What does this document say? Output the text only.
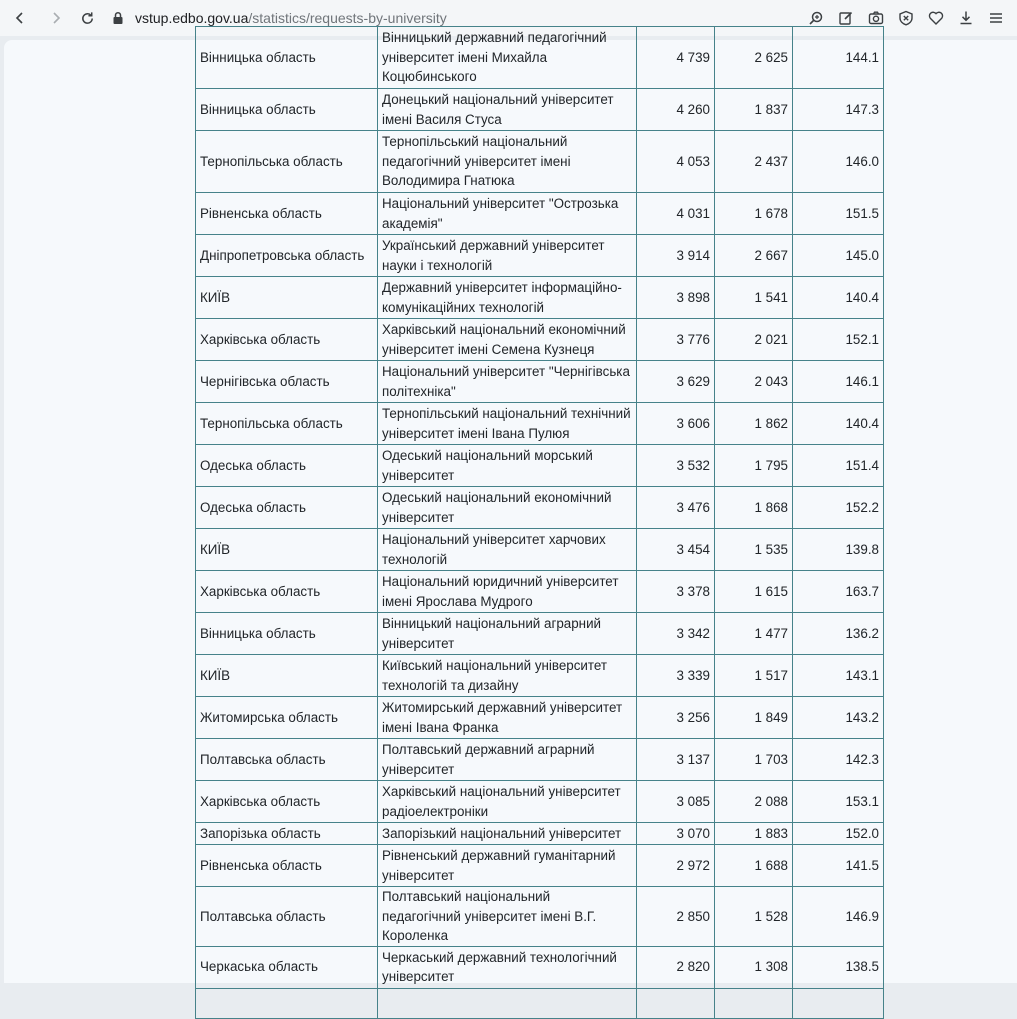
vstup.edbo.gov.ua /statistics/requests-by-university
Вінницька область	Вінницький державний педагогічний університет імені Михайла Коцюбинського	4 739	2 625	144.1
Вінницька область	Донецький національний університет імені Василя Стуса	4 260	1 837	147.3
Тернопільська область	Тернопільський національний педагогічний університет імені Володимира Гнатюка	4 053	2 437	146.0
Рівненська область	Національний університет "Острозька академія"	4 031	1 678	151.5
Дніпропетровська область	Український державний університет науки і технологій	3 914	2 667	145.0
КИЇВ	Державний університет інформаційно-комунікаційних технологій	3 898	1 541	140.4
Харківська область	Харківський національний економічний університет імені Семена Кузнеця	3 776	2 021	152.1
Чернігівська область	Національний університет "Чернігівська політехніка"	3 629	2 043	146.1
Тернопільська область	Тернопільський національний технічний університет імені Івана Пулюя	3 606	1 862	140.4
Одеська область	Одеський національний морський університет	3 532	1 795	151.4
Одеська область	Одеський національний економічний університет	3 476	1 868	152.2
КИЇВ	Національний університет харчових технологій	3 454	1 535	139.8
Харківська область	Національний юридичний університет імені Ярослава Мудрого	3 378	1 615	163.7
Вінницька область	Вінницький національний аграрний університет	3 342	1 477	136.2
КИЇВ	Київський національний університет технологій та дизайну	3 339	1 517	143.1
Житомирська область	Житомирський державний університет імені Івана Франка	3 256	1 849	143.2
Полтавська область	Полтавський державний аграрний університет	3 137	1 703	142.3
Харківська область	Харківський національний університет радіоелектроніки	3 085	2 088	153.1
Запорізька область	Запорізький національний університет	3 070	1 883	152.0
Рівненська область	Рівненський державний гуманітарний університет	2 972	1 688	141.5
Полтавська область	Полтавський національний педагогічний університет імені В.Г. Короленка	2 850	1 528	146.9
Черкаська область	Черкаський державний технологічний університет	2 820	1 308	138.5
